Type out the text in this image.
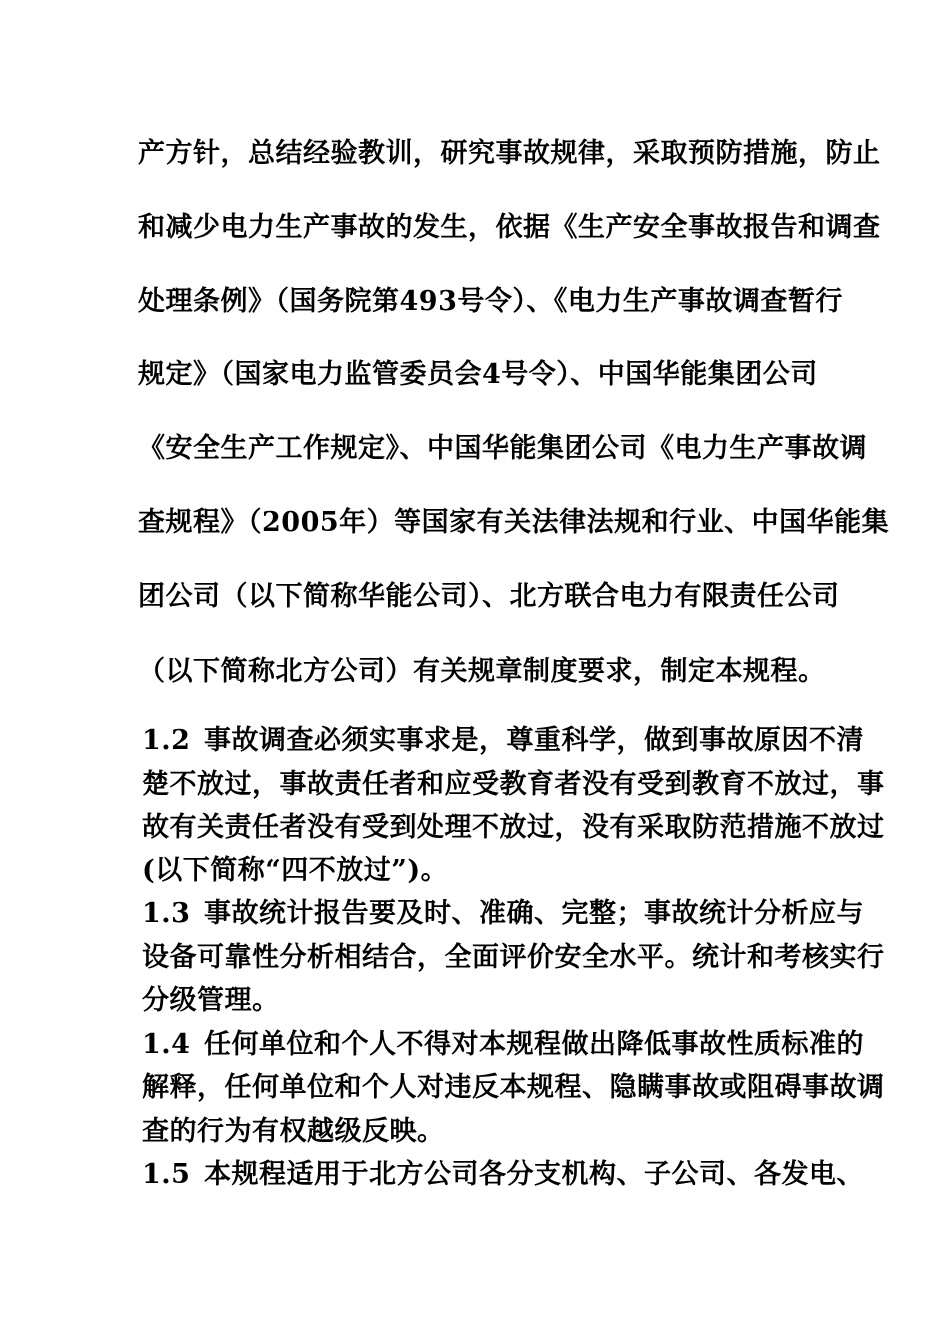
产方针，总结经验教训，研究事故规律，采取预防措施，防止
和减少电力生产事故的发生，依据《生产安全事故报告和调查
处理条例》（国务院第493号令）、《电力生产事故调查暂行
规定》（国家电力监管委员会4号令）、中国华能集团公司
《安全生产工作规定》、中国华能集团公司《电力生产事故调
查规程》（2005年）等国家有关法律法规和行业、中国华能集
团公司（以下简称华能公司）、北方联合电力有限责任公司
（以下简称北方公司）有关规章制度要求，制定本规程。
1.2 事故调查必须实事求是，尊重科学，做到事故原因不清
楚不放过，事故责任者和应受教育者没有受到教育不放过，事
故有关责任者没有受到处理不放过，没有采取防范措施不放过
(以下简称“四不放过”)。
1.3 事故统计报告要及时、准确、完整；事故统计分析应与
设备可靠性分析相结合，全面评价安全水平。统计和考核实行
分级管理。
1.4 任何单位和个人不得对本规程做出降低事故性质标准的
解释，任何单位和个人对违反本规程、隐瞒事故或阻碍事故调
查的行为有权越级反映。
1.5 本规程适用于北方公司各分支机构、子公司、各发电、
